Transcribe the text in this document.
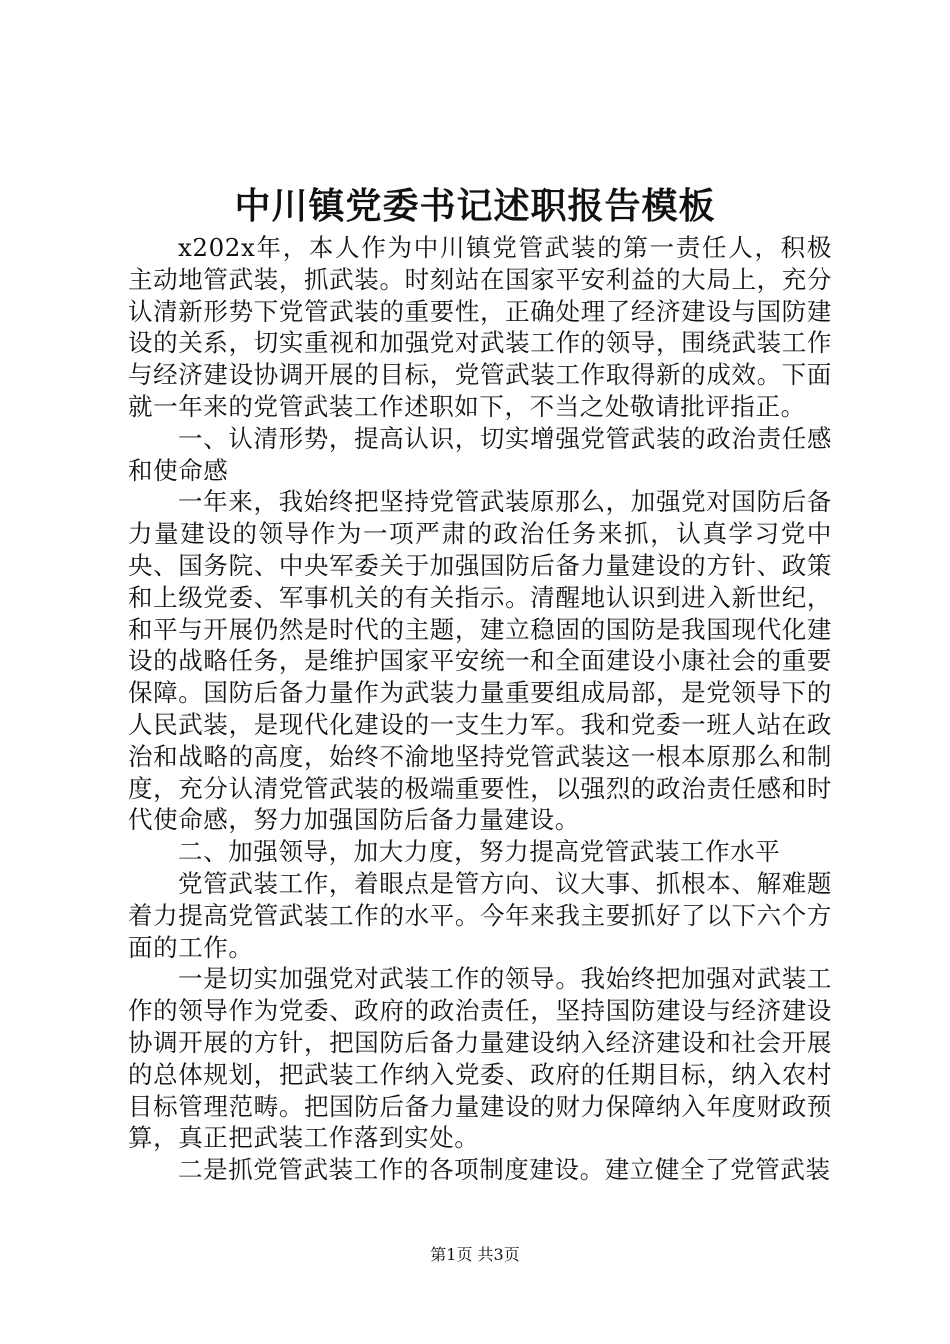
中川镇党委书记述职报告模板

x202x年，本人作为中川镇党管武装的第一责任人，积极主动地管武装，抓武装。时刻站在国家平安利益的大局上，充分认清新形势下党管武装的重要性，正确处理了经济建设与国防建设的关系，切实重视和加强党对武装工作的领导，围绕武装工作与经济建设协调开展的目标，党管武装工作取得新的成效。下面就一年来的党管武装工作述职如下，不当之处敬请批评指正。

一、认清形势，提高认识，切实增强党管武装的政治责任感和使命感

一年来，我始终把坚持党管武装原那么，加强党对国防后备力量建设的领导作为一项严肃的政治任务来抓，认真学习党中央、国务院、中央军委关于加强国防后备力量建设的方针、政策和上级党委、军事机关的有关指示。清醒地认识到进入新世纪，和平与开展仍然是时代的主题，建立稳固的国防是我国现代化建设的战略任务，是维护国家平安统一和全面建设小康社会的重要保障。国防后备力量作为武装力量重要组成局部，是党领导下的人民武装，是现代化建设的一支生力军。我和党委一班人站在政治和战略的高度，始终不渝地坚持党管武装这一根本原那么和制度，充分认清党管武装的极端重要性，以强烈的政治责任感和时代使命感，努力加强国防后备力量建设。

二、加强领导，加大力度，努力提高党管武装工作水平

党管武装工作，着眼点是管方向、议大事、抓根本、解难题着力提高党管武装工作的水平。今年来我主要抓好了以下六个方面的工作。

一是切实加强党对武装工作的领导。我始终把加强对武装工作的领导作为党委、政府的政治责任，坚持国防建设与经济建设协调开展的方针，把国防后备力量建设纳入经济建设和社会开展的总体规划，把武装工作纳入党委、政府的任期目标，纳入农村目标管理范畴。把国防后备力量建设的财力保障纳入年度财政预算，真正把武装工作落到实处。

二是抓党管武装工作的各项制度建设。建立健全了党管武装

第1页 共3页
